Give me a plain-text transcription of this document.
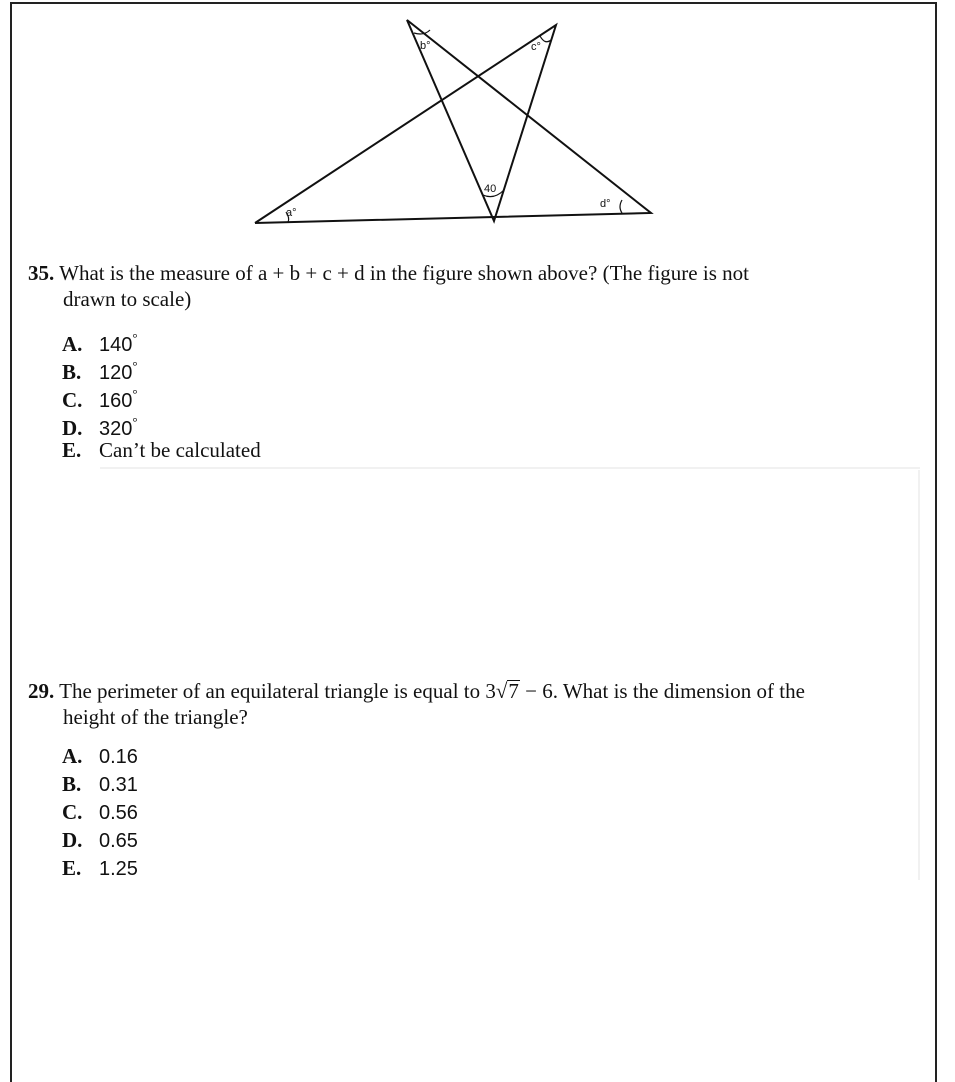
b°	c°
40
a°
d°
35. What is the measure of a + b + c + d in the figure shown above? (The figure is not
drawn to scale)
A. 140°
B. 120°
C. 160°
D. 320°
E. Can’t be calculated
29. The perimeter of an equilateral triangle is equal to 3√7 − 6. What is the dimension of the
height of the triangle?
A. 0.16
B. 0.31
C. 0.56
D. 0.65
E. 1.25
